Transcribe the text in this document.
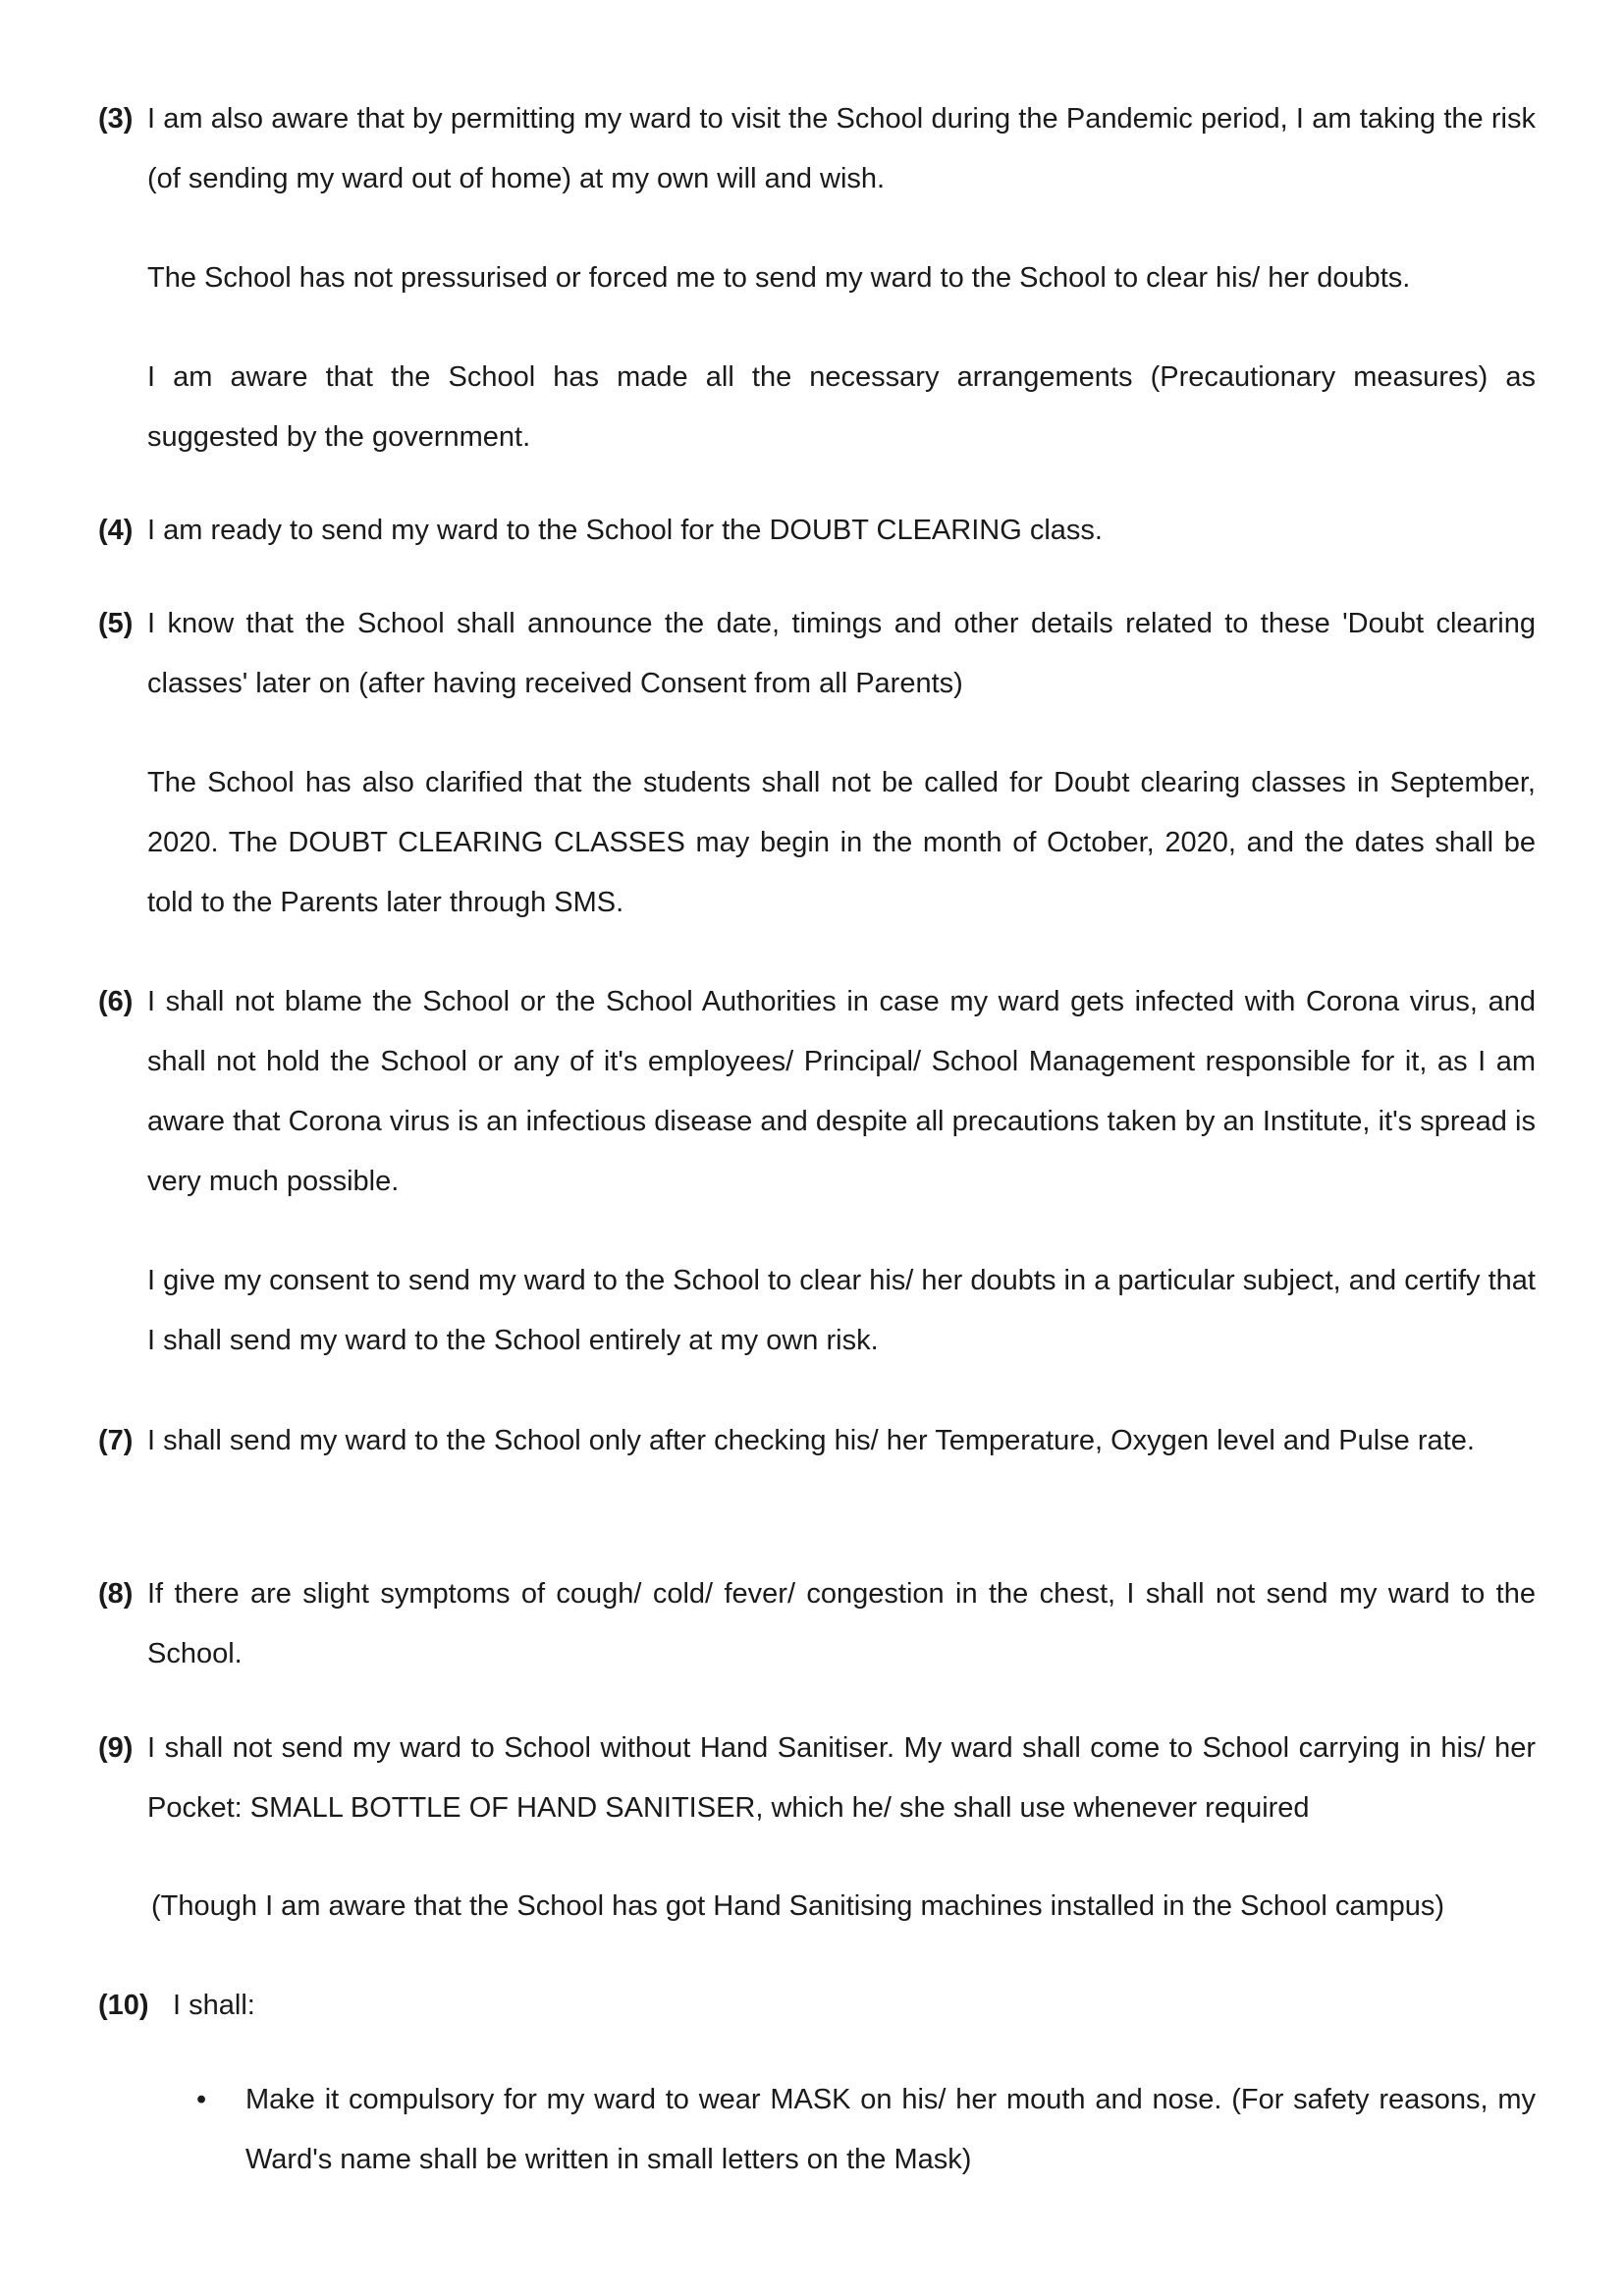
(3) I am also aware that by permitting my ward to visit the School during the Pandemic period, I am taking the risk (of sending my ward out of home) at my own will and wish.

The School has not pressurised or forced me to send my ward to the School to clear his/ her doubts.

I am aware that the School has made all the necessary arrangements (Precautionary measures) as suggested by the government.

(4) I am ready to send my ward to the School for the DOUBT CLEARING class.

(5) I know that the School shall announce the date, timings and other details related to these 'Doubt clearing classes' later on (after having received Consent from all Parents)

The School has also clarified that the students shall not be called for Doubt clearing classes in September, 2020. The DOUBT CLEARING CLASSES may begin in the month of October, 2020, and the dates shall be told to the Parents later through SMS.

(6) I shall not blame the School or the School Authorities in case my ward gets infected with Corona virus, and shall not hold the School or any of it's employees/ Principal/ School Management responsible for it, as I am aware that Corona virus is an infectious disease and despite all precautions taken by an Institute, it's spread is very much possible.

I give my consent to send my ward to the School to clear his/ her doubts in a particular subject, and certify that I shall send my ward to the School entirely at my own risk.

(7) I shall send my ward to the School only after checking his/ her Temperature, Oxygen level and Pulse rate.

(8) If there are slight symptoms of cough/ cold/ fever/ congestion in the chest, I shall not send my ward to the School.

(9) I shall not send my ward to School without Hand Sanitiser. My ward shall come to School carrying in his/ her Pocket: SMALL BOTTLE OF HAND SANITISER, which he/ she shall use whenever required

(Though I am aware that the School has got Hand Sanitising machines installed in the School campus)

(10) I shall:

• Make it compulsory for my ward to wear MASK on his/ her mouth and nose. (For safety reasons, my Ward's name shall be written in small letters on the Mask)
